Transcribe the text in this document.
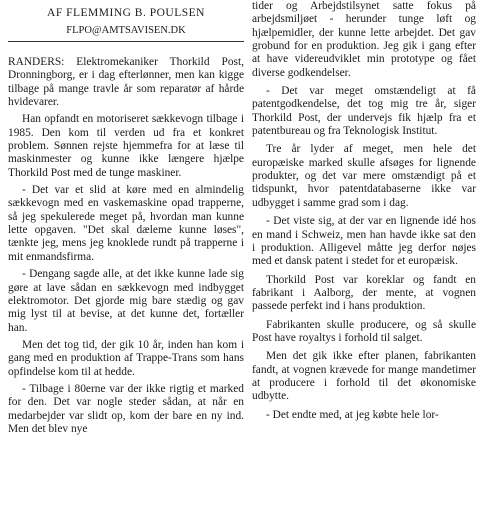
AF FLEMMING B. POULSEN
FLPO@AMTSAVISEN.DK

RANDERS: Elektromekaniker Thorkild Post, Dronningborg, er i dag efterlønner, men kan kigge tilbage på mange travle år som reparatør af hårde hvidevarer.

Han opfandt en motoriseret sækkevogn tilbage i 1985. Den kom til verden ud fra et konkret problem. Sønnen rejste hjemmefra for at læse til maskinmester og kunne ikke længere hjælpe Thorkild Post med de tunge maskiner.

- Det var et slid at køre med en almindelig sækkevogn med en vaskemaskine opad trapperne, så jeg spekulerede meget på, hvordan man kunne lette opgaven. "Det skal dæleme kunne løses", tænkte jeg, mens jeg knoklede rundt på trapperne i mit enmandsfirma.

- Dengang sagde alle, at det ikke kunne lade sig gøre at lave sådan en sækkevogn med indbygget elektromotor. Det gjorde mig bare stædig og gav mig lyst til at bevise, at det kunne det, fortæller han.

Men det tog tid, der gik 10 år, inden han kom i gang med en produktion af Trappe-Trans som hans opfindelse kom til at hedde.

- Tilbage i 80erne var der ikke rigtig et marked for den. Det var nogle steder sådan, at når en medarbejder var slidt op, kom der bare en ny ind. Men det blev nye

tider og Arbejdstilsynet satte fokus på arbejdsmiljøet - herunder tunge løft og hjælpemidler, der kunne lette arbejdet. Det gav grobund for en produktion. Jeg gik i gang efter at have videreudviklet min prototype og fået diverse godkendelser.

- Det var meget omstændeligt at få patentgodkendelse, det tog mig tre år, siger Thorkild Post, der undervejs fik hjælp fra et patentbureau og fra Teknologisk Institut.

Tre år lyder af meget, men hele det europæiske marked skulle afsøges for lignende produkter, og det var mere omstændigt på et tidspunkt, hvor patentdatabaserne ikke var udbygget i samme grad som i dag.

- Det viste sig, at der var en lignende idé hos en mand i Schweiz, men han havde ikke sat den i produktion. Alligevel måtte jeg derfor nøjes med et dansk patent i stedet for et europæisk.

Thorkild Post var koreklar og fandt en fabrikant i Aalborg, der mente, at vognen passede perfekt ind i hans produktion.

Fabrikanten skulle producere, og så skulle Post have royaltys i forhold til salget.

Men det gik ikke efter planen, fabrikanten fandt, at vognen krævede for mange mandetimer at producere i forhold til det økonomiske udbytte.

- Det endte med, at jeg købte hele lor-
